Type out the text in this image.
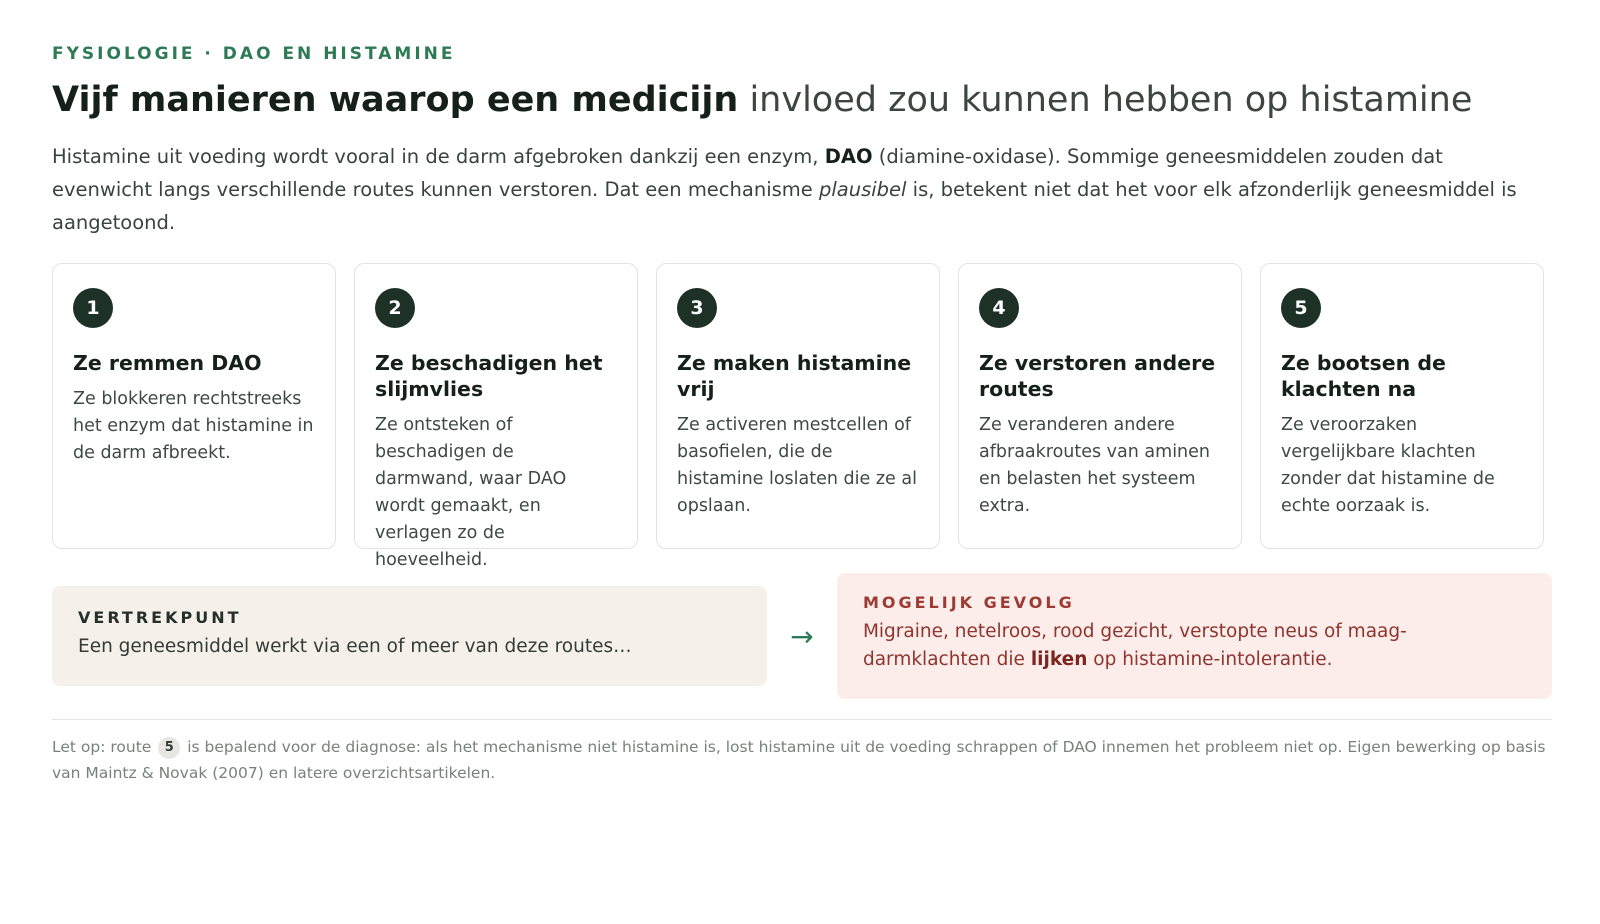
FYSIOLOGIE · DAO EN HISTAMINE
Vijf manieren waarop een medicijn invloed zou kunnen hebben op histamine

Histamine uit voeding wordt vooral in de darm afgebroken dankzij een enzym, DAO (diamine-oxidase). Sommige geneesmiddelen zouden dat evenwicht langs verschillende routes kunnen verstoren. Dat een mechanisme plausibel is, betekent niet dat het voor elk afzonderlijk geneesmiddel is aangetoond.

1
Ze remmen DAO

Ze blokkeren rechtstreeks het enzym dat histamine in de darm afbreekt.

2
Ze beschadigen het slijmvlies

Ze ontsteken of beschadigen de darmwand, waar DAO wordt gemaakt, en verlagen zo de hoeveelheid.

3
Ze maken histamine vrij

Ze activeren mestcellen of basofielen, die de histamine loslaten die ze al opslaan.

4
Ze verstoren andere routes

Ze veranderen andere afbraakroutes van aminen en belasten het systeem extra.

5
Ze bootsen de klachten na

Ze veroorzaken vergelijkbare klachten zonder dat histamine de echte oorzaak is.

VERTREKPUNT

Een geneesmiddel werkt via een of meer van deze routes…	→
MOGELIJK GEVOLG

Migraine, netelroos, rood gezicht, verstopte neus of maag-darmklachten die lijken op histamine-intolerantie.

Let op: route 5 is bepalend voor de diagnose: als het mechanisme niet histamine is, lost histamine uit de voeding schrappen of DAO innemen het probleem niet op. Eigen bewerking op basis van Maintz & Novak (2007) en latere overzichtsartikelen.
